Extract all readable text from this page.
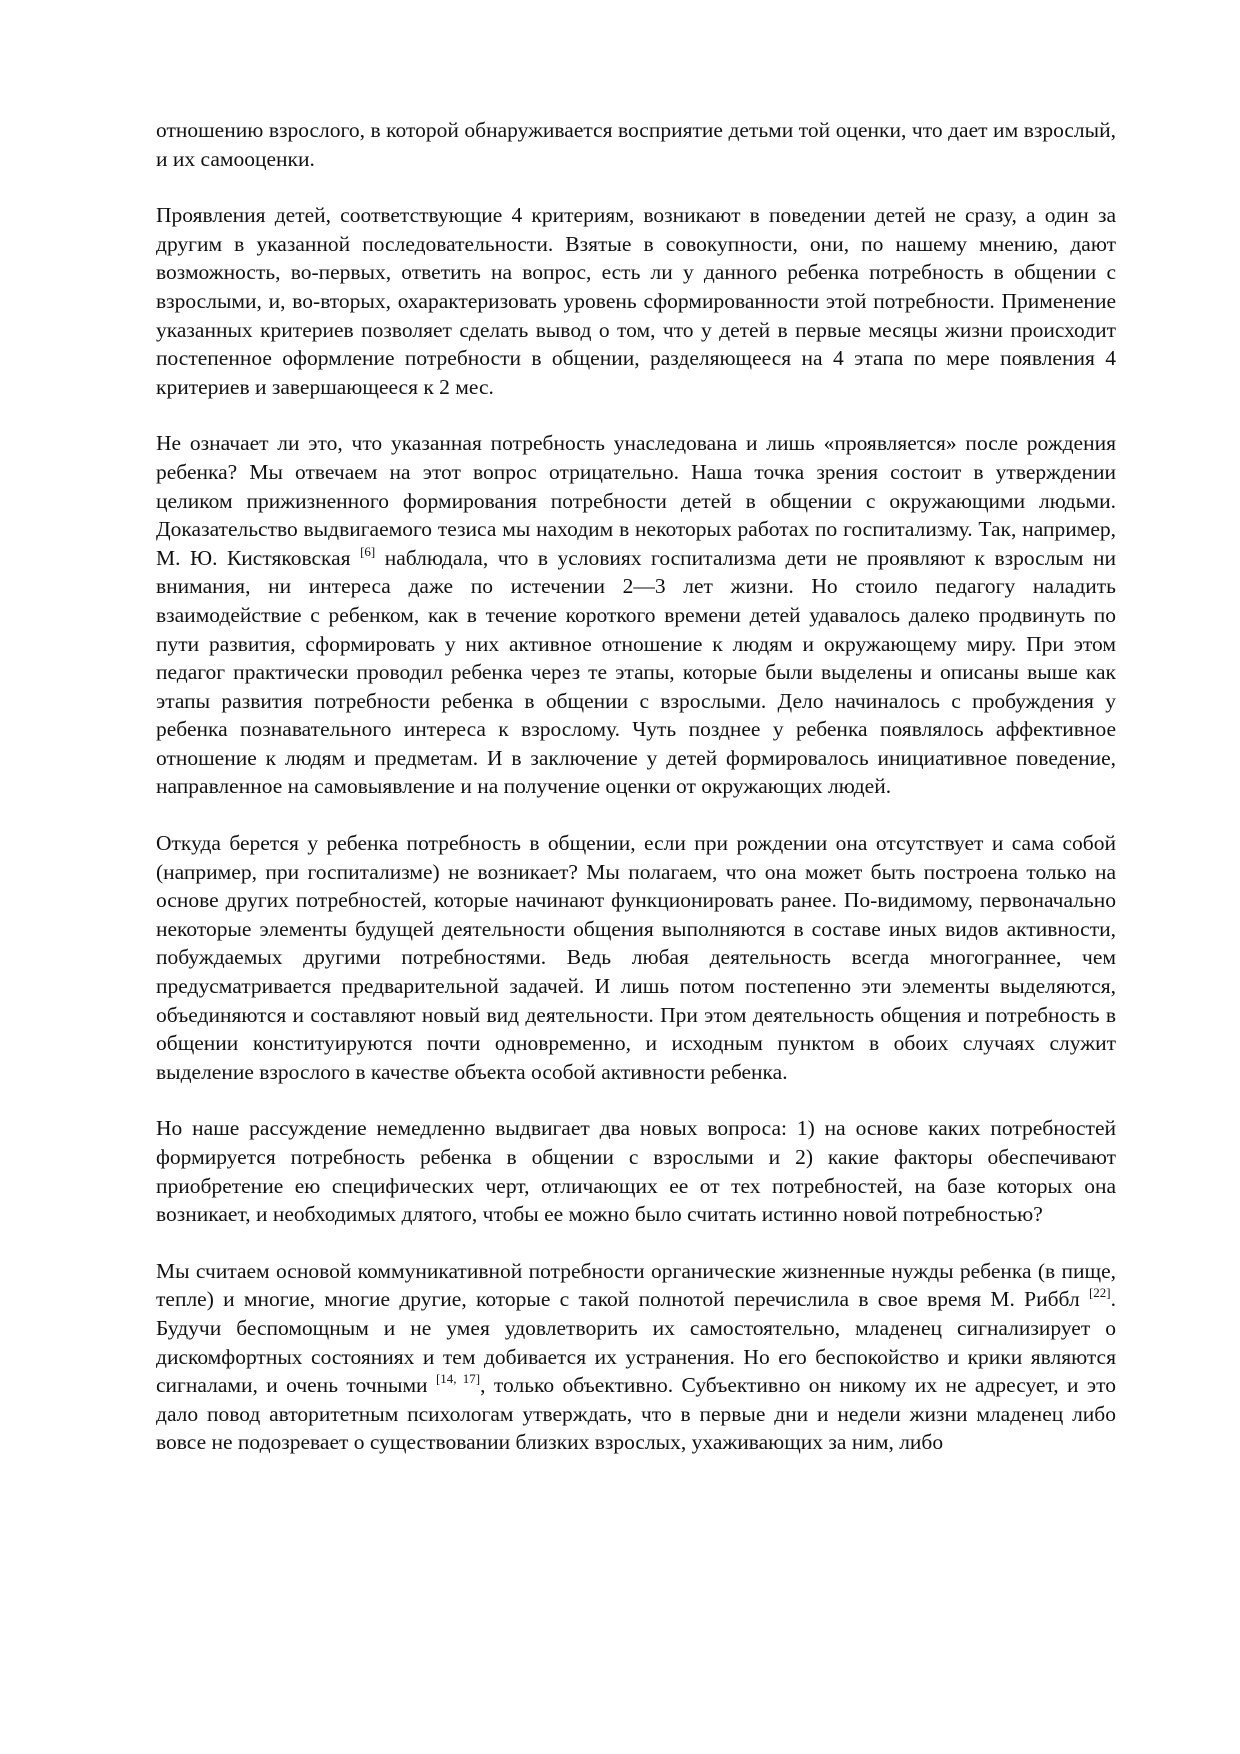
отношению взрослого, в которой обнаруживается восприятие детьми той оценки, что дает им взрослый, и их самооценки.

Проявления детей, соответствующие 4 критериям, возникают в поведении детей не сразу, а один за другим в указанной последовательности. Взятые в совокупности, они, по нашему мнению, дают возможность, во-первых, ответить на вопрос, есть ли у данного ребенка потребность в общении с взрослыми, и, во-вторых, охарактеризовать уровень сформированности этой потребности. Применение указанных критериев позволяет сделать вывод о том, что у детей в первые месяцы жизни происходит постепенное оформление потребности в общении, разделяющееся на 4 этапа по мере появления 4 критериев и завершающееся к 2 мес.

Не означает ли это, что указанная потребность унаследована и лишь «проявляется» после рождения ребенка? Мы отвечаем на этот вопрос отрицательно. Наша точка зрения состоит в утверждении целиком прижизненного формирования потребности детей в общении с окружающими людьми. Доказательство выдвигаемого тезиса мы находим в некоторых работах по госпитализму. Так, например, М. Ю. Кистяковская [6] наблюдала, что в условиях госпитализма дети не проявляют к взрослым ни внимания, ни интереса даже по истечении 2—3 лет жизни. Но стоило педагогу наладить взаимодействие с ребенком, как в течение короткого времени детей удавалось далеко продвинуть по пути развития, сформировать у них активное отношение к людям и окружающему миру. При этом педагог практически проводил ребенка через те этапы, которые были выделены и описаны выше как этапы развития потребности ребенка в общении с взрослыми. Дело начиналось с пробуждения у ребенка познавательного интереса к взрослому. Чуть позднее у ребенка появлялось аффективное отношение к людям и предметам. И в заключение у детей формировалось инициативное поведение, направленное на самовыявление и на получение оценки от окружающих людей.

Откуда берется у ребенка потребность в общении, если при рождении она отсутствует и сама собой (например, при госпитализме) не возникает? Мы полагаем, что она может быть построена только на основе других потребностей, которые начинают функционировать ранее. По-видимому, первоначально некоторые элементы будущей деятельности общения выполняются в составе иных видов активности, побуждаемых другими потребностями. Ведь любая деятельность всегда многограннее, чем предусматривается предварительной задачей. И лишь потом постепенно эти элементы выделяются, объединяются и составляют новый вид деятельности. При этом деятельность общения и потребность в общении конституируются почти одновременно, и исходным пунктом в обоих случаях служит выделение взрослого в качестве объекта особой активности ребенка.

Но наше рассуждение немедленно выдвигает два новых вопроса: 1) на основе каких потребностей формируется потребность ребенка в общении с взрослыми и 2) какие факторы обеспечивают приобретение ею специфических черт, отличающих ее от тех потребностей, на базе которых она возникает, и необходимых длятого, чтобы ее можно было считать истинно новой потребностью?

Мы считаем основой коммуникативной потребности органические жизненные нужды ребенка (в пище, тепле) и многие, многие другие, которые с такой полнотой перечислила в свое время М. Риббл [22]. Будучи беспомощным и не умея удовлетворить их самостоятельно, младенец сигнализирует о дискомфортных состояниях и тем добивается их устранения. Но его беспокойство и крики являются сигналами, и очень точными [14, 17], только объективно. Субъективно он никому их не адресует, и это дало повод авторитетным психологам утверждать, что в первые дни и недели жизни младенец либо вовсе не подозревает о существовании близких взрослых, ухаживающих за ним, либо
